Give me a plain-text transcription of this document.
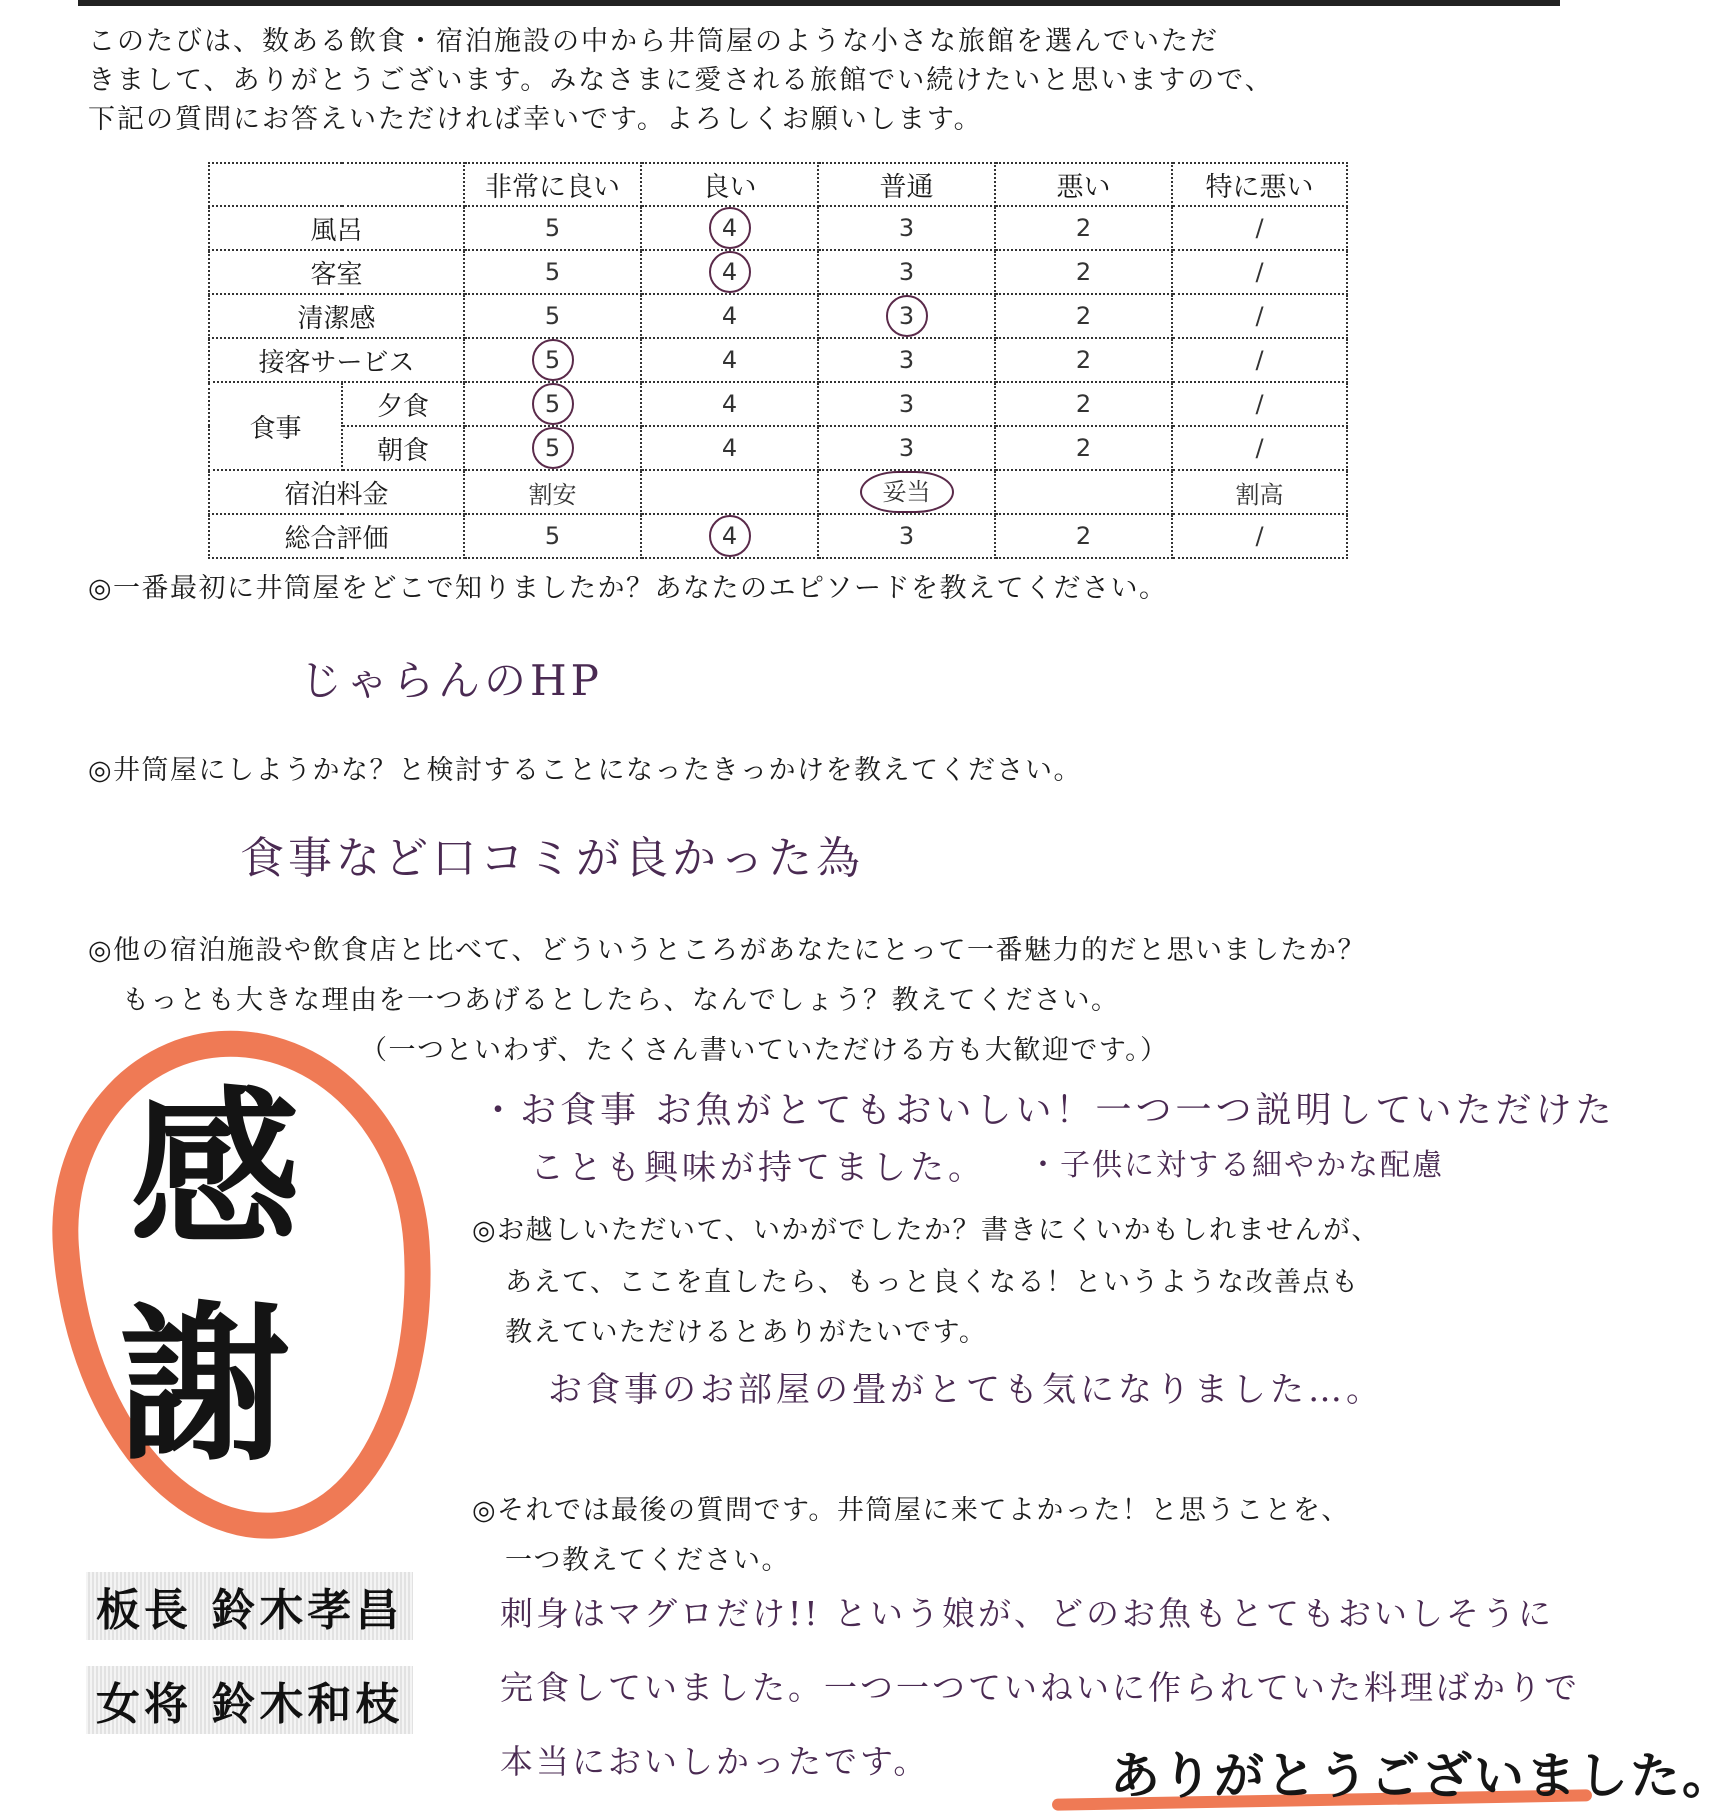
このたびは、数ある飲食・宿泊施設の中から井筒屋のような小さな旅館を選んでいただ
きまして、ありがとうございます。みなさまに愛される旅館でい続けたいと思いますので、
下記の質問にお答えいただければ幸いです。よろしくお願いします。
		非常に良い	良い	普通	悪い	特に悪い
風呂		5	4	3	2	/
客室		5	4	3	2	/
清潔感		5	4	3	2	/
接客サービス		5	4	3	2	/
食事	夕食	5	4	3	2	/
	朝食	5	4	3	2	/
宿泊料金		割安		妥当		割高
総合評価		5	4	3	2	/
◎一番最初に井筒屋をどこで知りましたか？あなたのエピソードを教えてください。
じゃらんのHP
◎井筒屋にしようかな？と検討することになったきっかけを教えてください。
食事など口コミが良かった為
◎他の宿泊施設や飲食店と比べて、どういうところがあなたにとって一番魅力的だと思いましたか？
もっとも大きな理由を一つあげるとしたら、なんでしょう？教えてください。
（一つといわず、たくさん書いていただける方も大歓迎です。）
・お食事 お魚がとてもおいしい！一つ一つ説明していただけた
ことも興味が持てました。 ・子供に対する細やかな配慮
◎お越しいただいて、いかがでしたか？書きにくいかもしれませんが、
あえて、ここを直したら、もっと良くなる！というような改善点も
教えていただけるとありがたいです。
お食事のお部屋の畳がとても気になりました…。
◎それでは最後の質問です。井筒屋に来てよかった！と思うことを、
一つ教えてください。
刺身はマグロだけ!! という娘が、どのお魚もとてもおいしそうに
完食していました。一つ一つていねいに作られていた料理ばかりで
本当においしかったです。
感
謝
板長 鈴木孝昌
女将 鈴木和枝
ありがとうございました。
